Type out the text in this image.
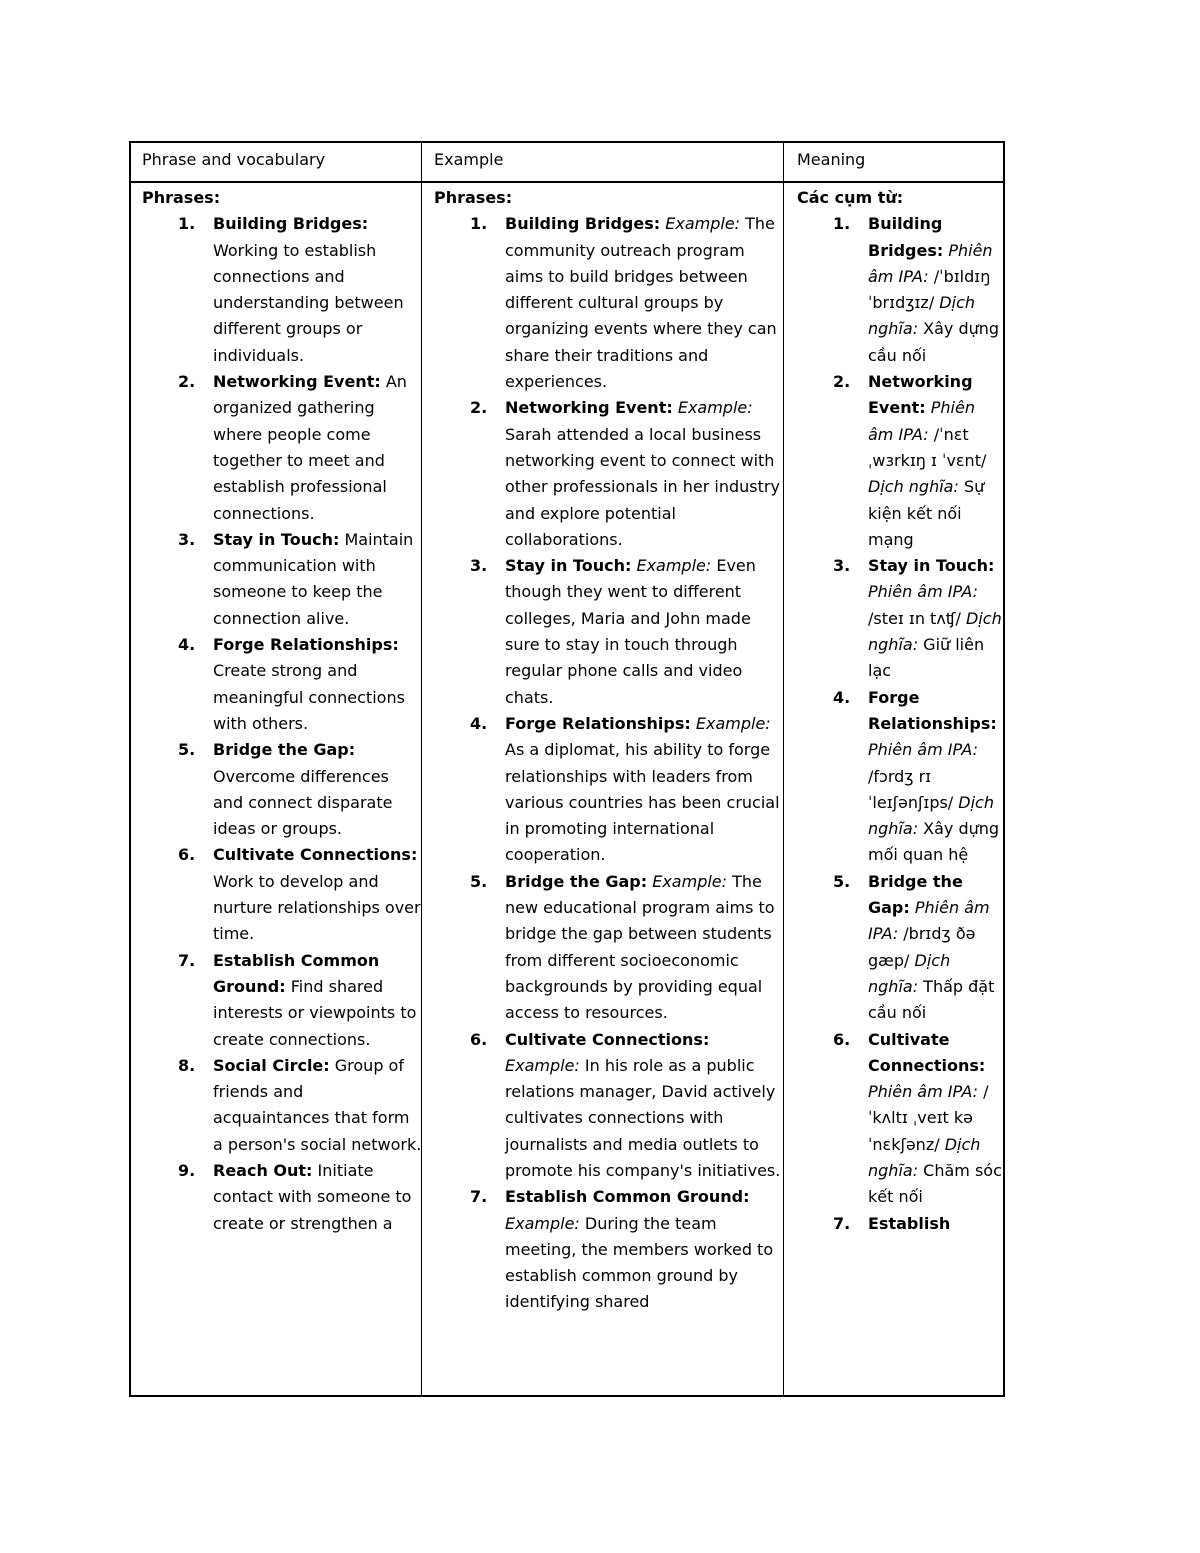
Phrase and vocabulary	Example	Meaning
Phrases:
1. Building Bridges: Working to establish connections and understanding between different groups or individuals.
2. Networking Event: An organized gathering where people come together to meet and establish professional connections.
3. Stay in Touch: Maintain communication with someone to keep the connection alive.
4. Forge Relationships: Create strong and meaningful connections with others.
5. Bridge the Gap: Overcome differences and connect disparate ideas or groups.
6. Cultivate Connections: Work to develop and nurture relationships over time.
7. Establish Common Ground: Find shared interests or viewpoints to create connections.
8. Social Circle: Group of friends and acquaintances that form a person's social network.
9. Reach Out: Initiate contact with someone to create or strengthen a
Phrases:
1. Building Bridges: Example: The community outreach program aims to build bridges between different cultural groups by organizing events where they can share their traditions and experiences.
2. Networking Event: Example: Sarah attended a local business networking event to connect with other professionals in her industry and explore potential collaborations.
3. Stay in Touch: Example: Even though they went to different colleges, Maria and John made sure to stay in touch through regular phone calls and video chats.
4. Forge Relationships: Example: As a diplomat, his ability to forge relationships with leaders from various countries has been crucial in promoting international cooperation.
5. Bridge the Gap: Example: The new educational program aims to bridge the gap between students from different socioeconomic backgrounds by providing equal access to resources.
6. Cultivate Connections: Example: In his role as a public relations manager, David actively cultivates connections with journalists and media outlets to promote his company's initiatives.
7. Establish Common Ground: Example: During the team meeting, the members worked to establish common ground by identifying shared
Các cụm từ:
1. Building Bridges: Phiên âm IPA: /ˈbɪldɪŋ ˈbrɪdʒɪz/ Dịch nghĩa: Xây dựng cầu nối
2. Networking Event: Phiên âm IPA: /ˈnɛt ˌwɜrkɪŋ ɪ ˈvɛnt/ Dịch nghĩa: Sự kiện kết nối mạng
3. Stay in Touch: Phiên âm IPA: /steɪ ɪn tʌʧ/ Dịch nghĩa: Giữ liên lạc
4. Forge Relationships: Phiên âm IPA: /fɔrdʒ rɪ ˈleɪʃənʃɪps/ Dịch nghĩa: Xây dựng mối quan hệ
5. Bridge the Gap: Phiên âm IPA: /brɪdʒ ðə gæp/ Dịch nghĩa: Thấp đặt cầu nối
6. Cultivate Connections: Phiên âm IPA: /ˈkʌltɪ ˌveɪt kə ˈnɛkʃənz/ Dịch nghĩa: Chăm sóc kết nối
7. Establish
